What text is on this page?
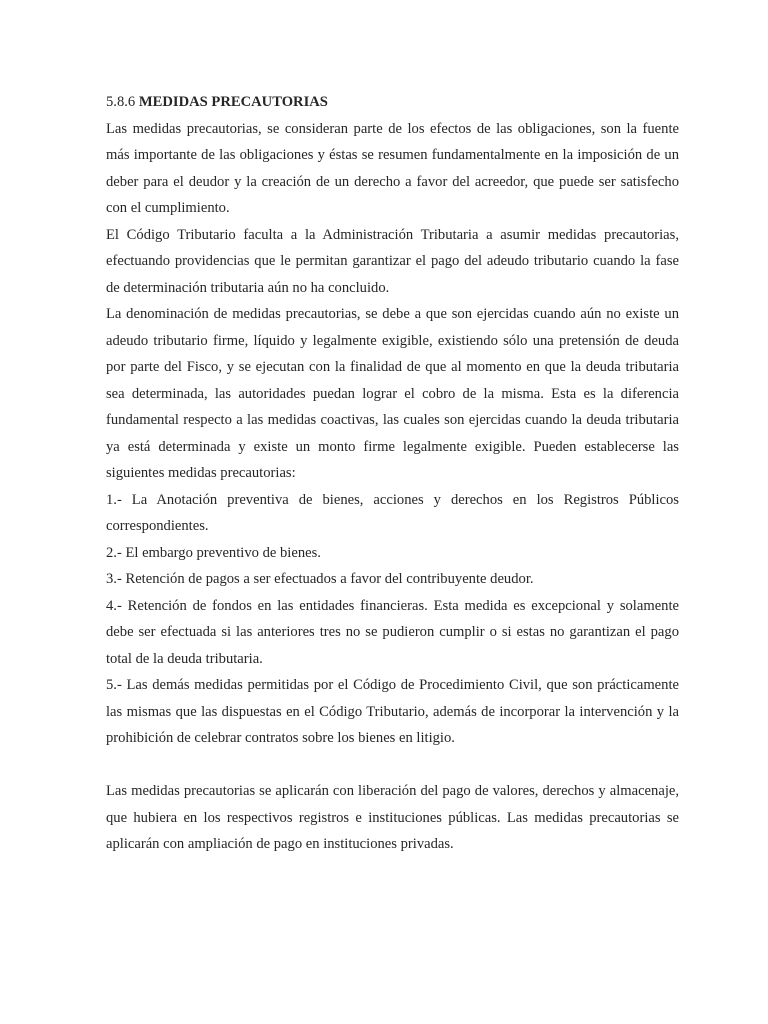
5.8.6 MEDIDAS PRECAUTORIAS

Las medidas precautorias, se consideran parte de los efectos de las obligaciones, son la fuente más importante de las obligaciones y éstas se resumen fundamentalmente en la imposición de un deber para el deudor y la creación de un derecho a favor del acreedor, que puede ser satisfecho con el cumplimiento.

El Código Tributario faculta a la Administración Tributaria a asumir medidas precautorias, efectuando providencias que le permitan garantizar el pago del adeudo tributario cuando la fase de determinación tributaria aún no ha concluido.

La denominación de medidas precautorias, se debe a que son ejercidas cuando aún no existe un adeudo tributario firme, líquido y legalmente exigible, existiendo sólo una pretensión de deuda por parte del Fisco, y se ejecutan con la finalidad de que al momento en que la deuda tributaria sea determinada, las autoridades puedan lograr el cobro de la misma. Esta es la diferencia fundamental respecto a las medidas coactivas, las cuales son ejercidas cuando la deuda tributaria ya está determinada y existe un monto firme legalmente exigible. Pueden establecerse las siguientes medidas precautorias:

1.- La Anotación preventiva de bienes, acciones y derechos en los Registros Públicos correspondientes.

2.- El embargo preventivo de bienes.

3.- Retención de pagos a ser efectuados a favor del contribuyente deudor.

4.- Retención de fondos en las entidades financieras. Esta medida es excepcional y solamente debe ser efectuada si las anteriores tres no se pudieron cumplir o si estas no garantizan el pago total de la deuda tributaria.

5.- Las demás medidas permitidas por el Código de Procedimiento Civil, que son prácticamente las mismas que las dispuestas en el Código Tributario, además de incorporar la intervención y la prohibición de celebrar contratos sobre los bienes en litigio.

Las medidas precautorias se aplicarán con liberación del pago de valores, derechos y almacenaje, que hubiera en los respectivos registros e instituciones públicas. Las medidas precautorias se aplicarán con ampliación de pago en instituciones privadas.
